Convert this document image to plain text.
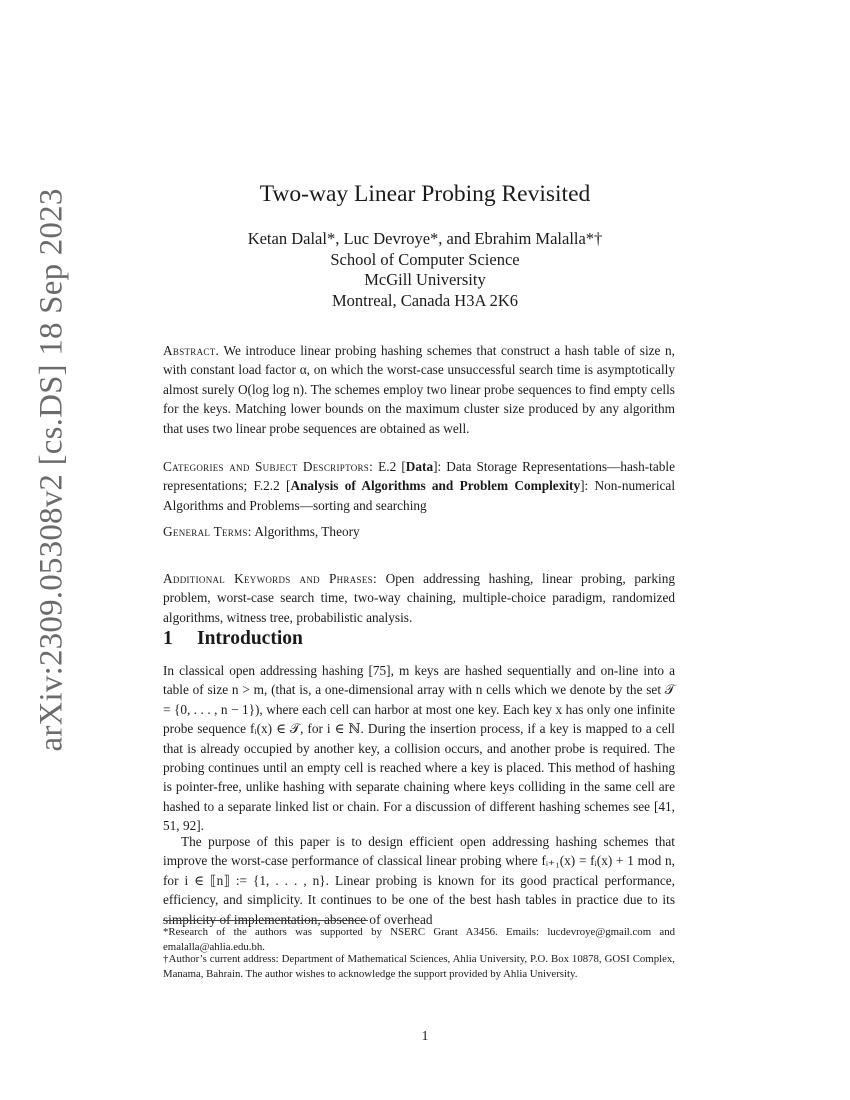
arXiv:2309.05308v2 [cs.DS] 18 Sep 2023	Two-way Linear Probing Revisited
Ketan Dalal*, Luc Devroye*, and Ebrahim Malalla*†
School of Computer Science
McGill University
Montreal, Canada H3A 2K6
Abstract. We introduce linear probing hashing schemes that construct a hash table of size n, with constant load factor α, on which the worst-case unsuccessful search time is asymptotically almost surely O(log log n). The schemes employ two linear probe sequences to find empty cells for the keys. Matching lower bounds on the maximum cluster size produced by any algorithm that uses two linear probe sequences are obtained as well.
Categories and Subject Descriptors: E.2 [Data]: Data Storage Representations—hash-table representations; F.2.2 [Analysis of Algorithms and Problem Complexity]: Non-numerical Algorithms and Problems—sorting and searching
General Terms: Algorithms, Theory
Additional Keywords and Phrases: Open addressing hashing, linear probing, parking problem, worst-case search time, two-way chaining, multiple-choice paradigm, randomized algorithms, witness tree, probabilistic analysis.
1 Introduction
In classical open addressing hashing [75], m keys are hashed sequentially and on-line into a table of size n > m, (that is, a one-dimensional array with n cells which we denote by the set 𝒯 = {0, . . . , n − 1}), where each cell can harbor at most one key. Each key x has only one infinite probe sequence fᵢ(x) ∈ 𝒯, for i ∈ ℕ. During the insertion process, if a key is mapped to a cell that is already occupied by another key, a collision occurs, and another probe is required. The probing continues until an empty cell is reached where a key is placed. This method of hashing is pointer-free, unlike hashing with separate chaining where keys colliding in the same cell are hashed to a separate linked list or chain. For a discussion of different hashing schemes see [41, 51, 92].
The purpose of this paper is to design efficient open addressing hashing schemes that improve the worst-case performance of classical linear probing where fᵢ₊₁(x) = fᵢ(x) + 1 mod n, for i ∈ ⟦n⟧ := {1, . . . , n}. Linear probing is known for its good practical performance, efficiency, and simplicity. It continues to be one of the best hash tables in practice due to its simplicity of implementation, absence of overhead
*Research of the authors was supported by NSERC Grant A3456. Emails: lucdevroye@gmail.com and emalalla@ahlia.edu.bh.
†Author’s current address: Department of Mathematical Sciences, Ahlia University, P.O. Box 10878, GOSI Complex, Manama, Bahrain. The author wishes to acknowledge the support provided by Ahlia University.
1
